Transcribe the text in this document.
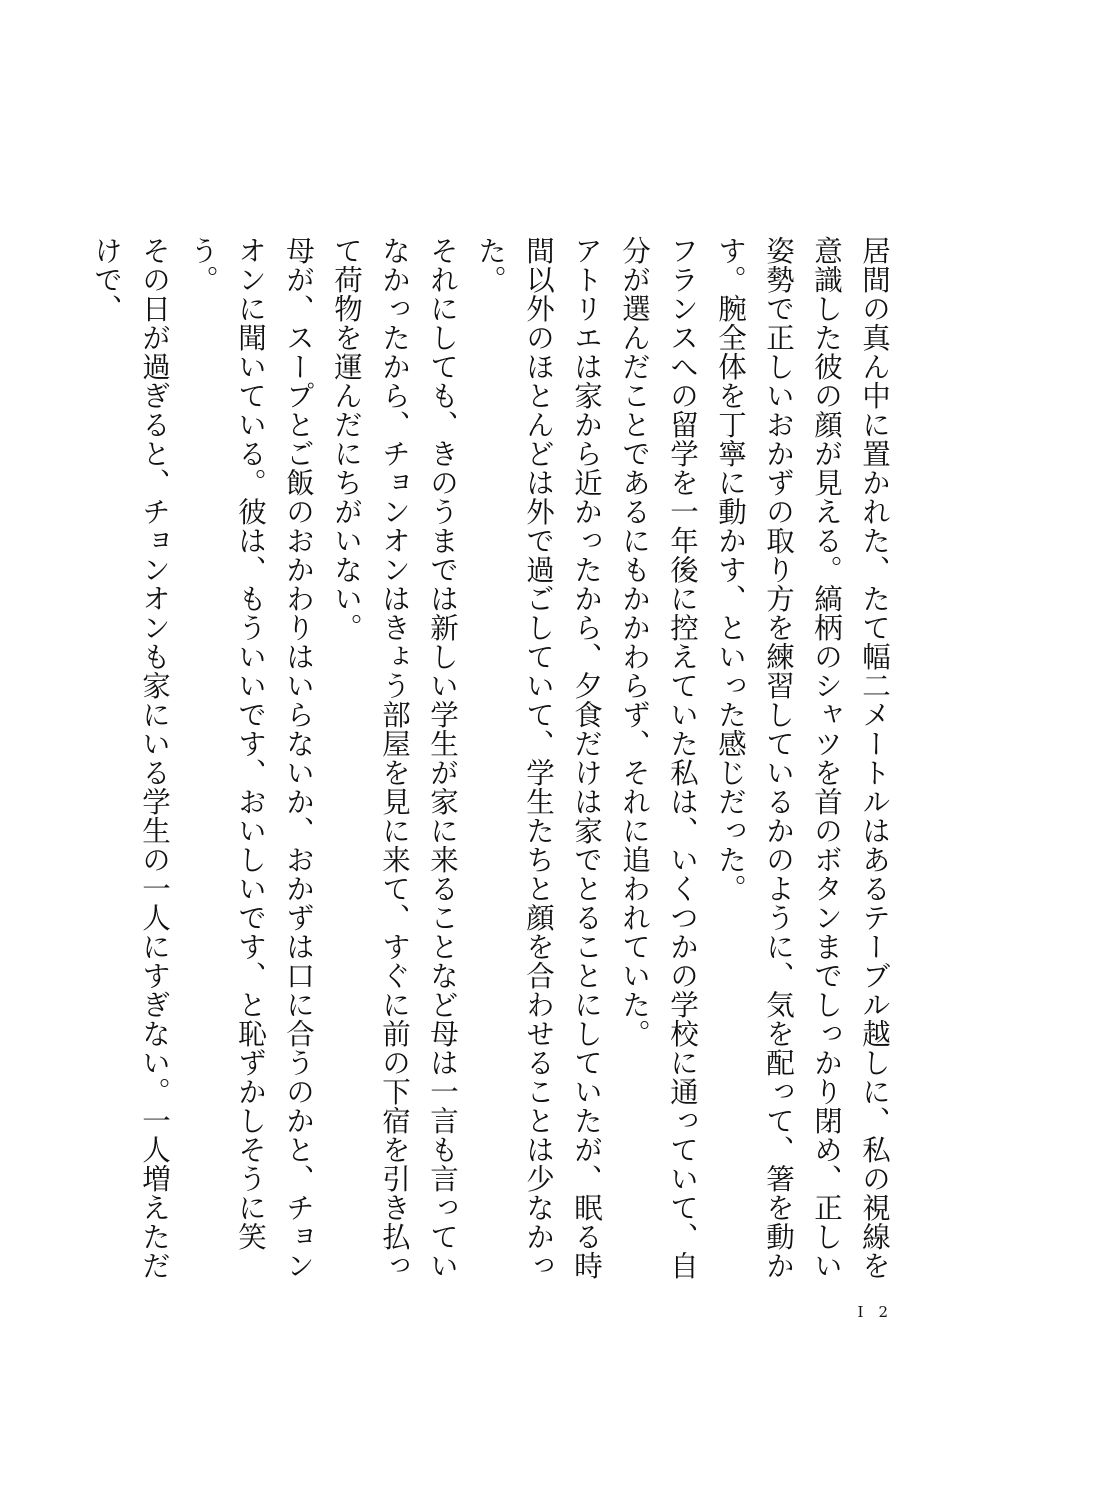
居間の真ん中に置かれた、たて幅二メートルはあるテーブル越しに、私の視線を意識した彼の顔が見える。縞柄のシャツを首のボタンまでしっかり閉め、正しい姿勢で正しいおかずの取り方を練習しているかのように、気を配って、箸を動かす。腕全体を丁寧に動かす、といった感じだった。

フランスへの留学を一年後に控えていた私は、いくつかの学校に通っていて、自分が選んだことであるにもかかわらず、それに追われていた。

アトリエは家から近かったから、夕食だけは家でとることにしていたが、眠る時間以外のほとんどは外で過ごしていて、学生たちと顔を合わせることは少なかった。

それにしても、きのうまでは新しい学生が家に来ることなど母は一言も言っていなかったから、チョンオンはきょう部屋を見に来て、すぐに前の下宿を引き払って荷物を運んだにちがいない。

母が、スープとご飯のおかわりはいらないか、おかずは口に合うのかと、チョンオンに聞いている。彼は、もういいです、おいしいです、と恥ずかしそうに笑う。

その日が過ぎると、チョンオンも家にいる学生の一人にすぎない。一人増えただけで、

I　2
